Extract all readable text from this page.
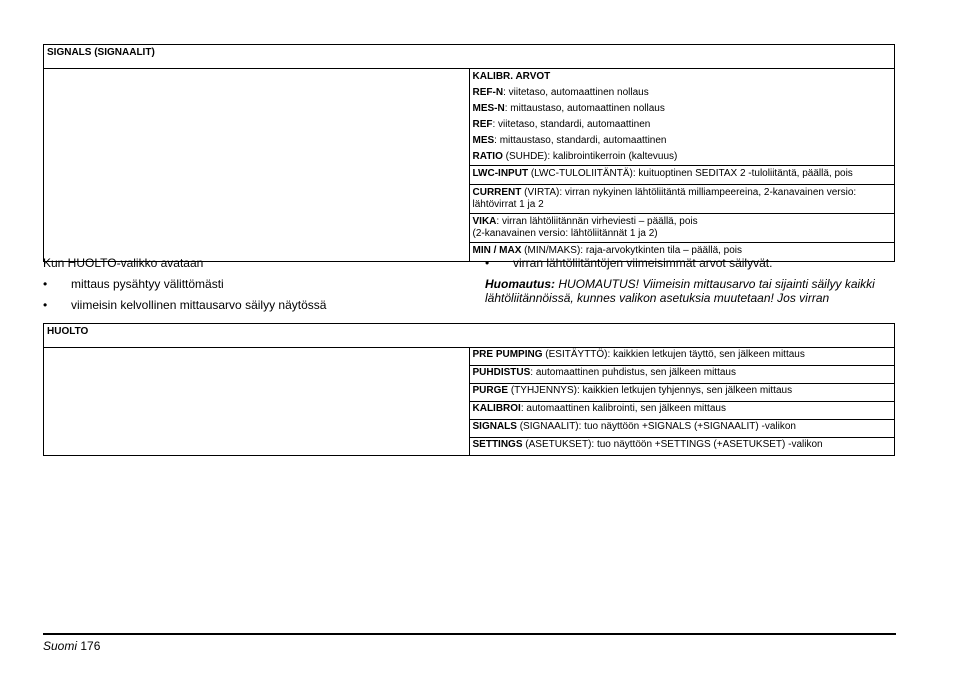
SIGNALS (SIGNAALIT)

KALIBR. ARVOT
REF-N: viitetaso, automaattinen nollaus
MES-N: mittaustaso, automaattinen nollaus
REF: viitetaso, standardi, automaattinen
MES: mittaustaso, standardi, automaattinen
RATIO (SUHDE): kalibrointikerroin (kaltevuus)

LWC-INPUT (LWC-TULOLIITÄNTÄ): kuituoptinen SEDITAX 2 -tuloliitäntä, päällä, pois
CURRENT (VIRTA): virran nykyinen lähtöliitäntä milliampeereina, 2-kanavainen versio: lähtövirrat 1 ja 2
VIKA: virran lähtöliitännän virheviesti – päällä, pois
(2-kanavainen versio: lähtöliitännät 1 ja 2)
MIN / MAX (MIN/MAKS): raja-arvokytkinten tila – päällä, pois
Kun HUOLTO-valikko avataan
• mittaus pysähtyy välittömästi
• viimeisin kelvollinen mittausarvo säilyy näytössä
• virran lähtöliitäntöjen viimeisimmät arvot säilyvät.
Huomautus: HUOMAUTUS! Viimeisin mittausarvo tai sijainti säilyy kaikki lähtöliitännöissä, kunnes valikon asetuksia muutetaan! Jos virran
HUOLTO
	PRE PUMPING (ESITÄYTTÖ): kaikkien letkujen täyttö, sen jälkeen mittaus
PUHDISTUS: automaattinen puhdistus, sen jälkeen mittaus
PURGE (TYHJENNYS): kaikkien letkujen tyhjennys, sen jälkeen mittaus
KALIBROI: automaattinen kalibrointi, sen jälkeen mittaus
SIGNALS (SIGNAALIT): tuo näyttöön +SIGNALS (+SIGNAALIT) -valikon
SETTINGS (ASETUKSET): tuo näyttöön +SETTINGS (+ASETUKSET) -valikon
Suomi 176
